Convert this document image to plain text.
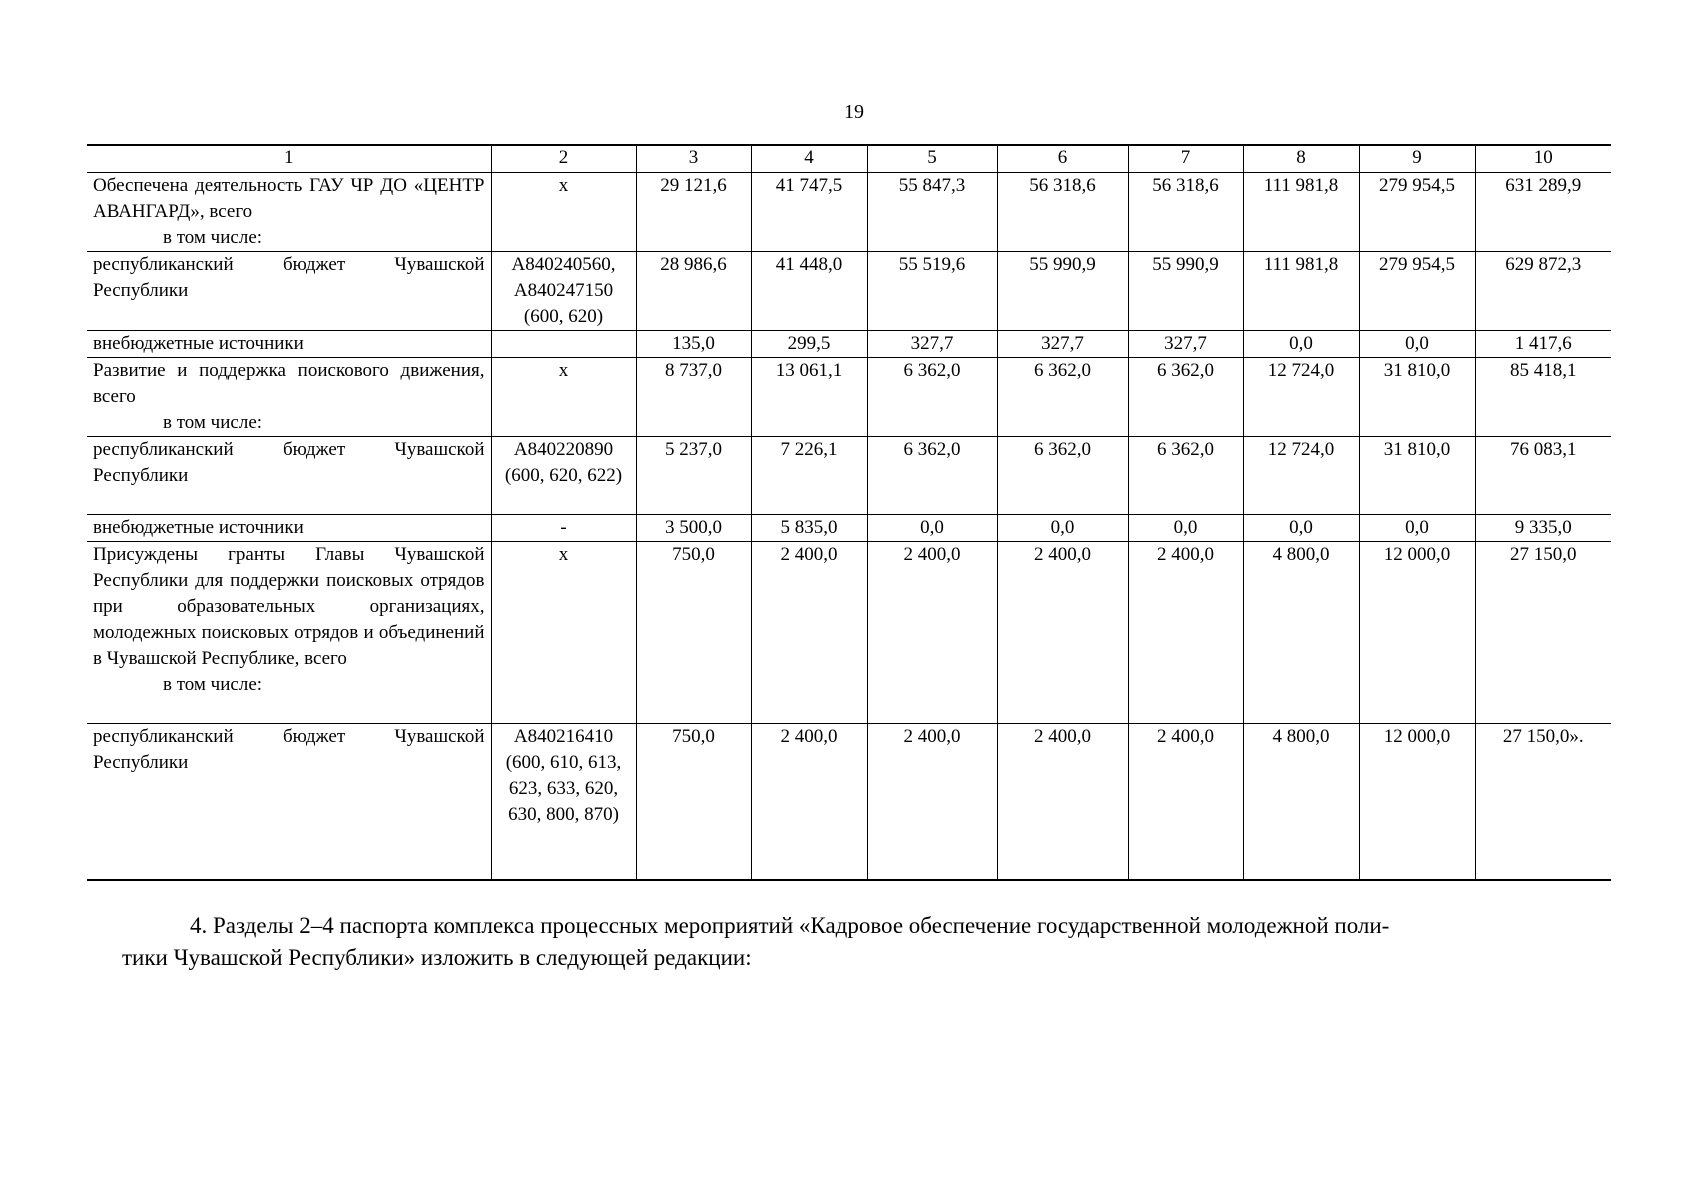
19
1	2	3	4	5	6	7	8	9	10
Обеспечена деятельность ГАУ ЧР ДО «ЦЕНТР АВАНГАРД», всего
в том числе:	x	29 121,6	41 747,5	55 847,3	56 318,6	56 318,6	111 981,8	279 954,5	631 289,9
республиканский бюджет Чувашской Республики	А840240560, А840247150 (600, 620)	28 986,6	41 448,0	55 519,6	55 990,9	55 990,9	111 981,8	279 954,5	629 872,3
внебюджетные источники		135,0	299,5	327,7	327,7	327,7	0,0	0,0	1 417,6
Развитие и поддержка поискового движения, всего
в том числе:	x	8 737,0	13 061,1	6 362,0	6 362,0	6 362,0	12 724,0	31 810,0	85 418,1
республиканский бюджет Чувашской Республики	А840220890 (600, 620, 622)	5 237,0	7 226,1	6 362,0	6 362,0	6 362,0	12 724,0	31 810,0	76 083,1
внебюджетные источники	-	3 500,0	5 835,0	0,0	0,0	0,0	0,0	0,0	9 335,0
Присуждены гранты Главы Чувашской Республики для поддержки поисковых отрядов при образовательных организациях, молодежных поисковых отрядов и объединений в Чувашской Республике, всего
в том числе:	x	750,0	2 400,0	2 400,0	2 400,0	2 400,0	4 800,0	12 000,0	27 150,0
республиканский бюджет Чувашской Республики	А840216410 (600, 610, 613, 623, 633, 620, 630, 800, 870)	750,0	2 400,0	2 400,0	2 400,0	2 400,0	4 800,0	12 000,0	27 150,0».

4. Разделы 2–4 паспорта комплекса процессных мероприятий «Кадровое обеспечение государственной молодежной поли-

тики Чувашской Республики» изложить в следующей редакции:
